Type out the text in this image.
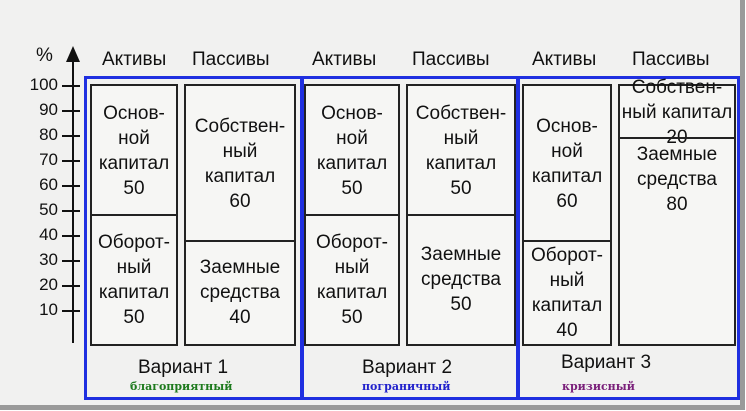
%
100
90
80
70
60
50
40
30
20
10
Активы Пассивы Активы Пассивы Активы Пассивы
Основ-
ной
капитал
50
Оборот-
ный
капитал
50
Собствен-
ный
капитал
60
Заемные
средства
40
Основ-
ной
капитал
50
Оборот-
ный
капитал
50
Собствен-
ный
капитал
50
Заемные
средства
50
Основ-
ной
капитал
60
Оборот-
ный
капитал
40
Собствен-
ный капитал
20
Заемные
средства
80
Вариант 1	Вариант 2	Вариант 3
благоприятный	пограничный	кризисный
